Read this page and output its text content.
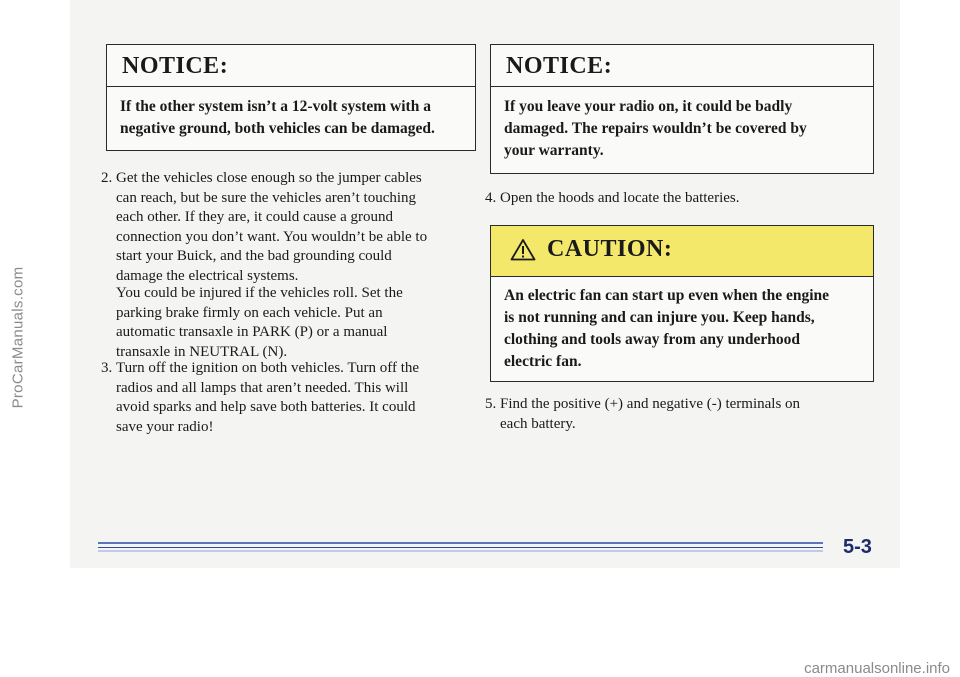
ProCarManuals.com
NOTICE:
If the other system isn’t a 12-volt system with a
negative ground, both vehicles can be damaged.
2. Get the vehicles close enough so the jumper cables
can reach, but be sure the vehicles aren’t touching
each other. If they are, it could cause a ground
connection you don’t want. You wouldn’t be able to
start your Buick, and the bad grounding could
damage the electrical systems.
You could be injured if the vehicles roll. Set the
parking brake firmly on each vehicle. Put an
automatic transaxle in PARK (P) or a manual
transaxle in NEUTRAL (N).
3. Turn off the ignition on both vehicles. Turn off the
radios and all lamps that aren’t needed. This will
avoid sparks and help save both batteries. It could
save your radio!
NOTICE:
If you leave your radio on, it could be badly
damaged. The repairs wouldn’t be covered by
your warranty.
4. Open the hoods and locate the batteries.
CAUTION:
An electric fan can start up even when the engine
is not running and can injure you. Keep hands,
clothing and tools away from any underhood
electric fan.
5. Find the positive (+) and negative (-) terminals on
each battery.
5-3
carmanualsonline.info
